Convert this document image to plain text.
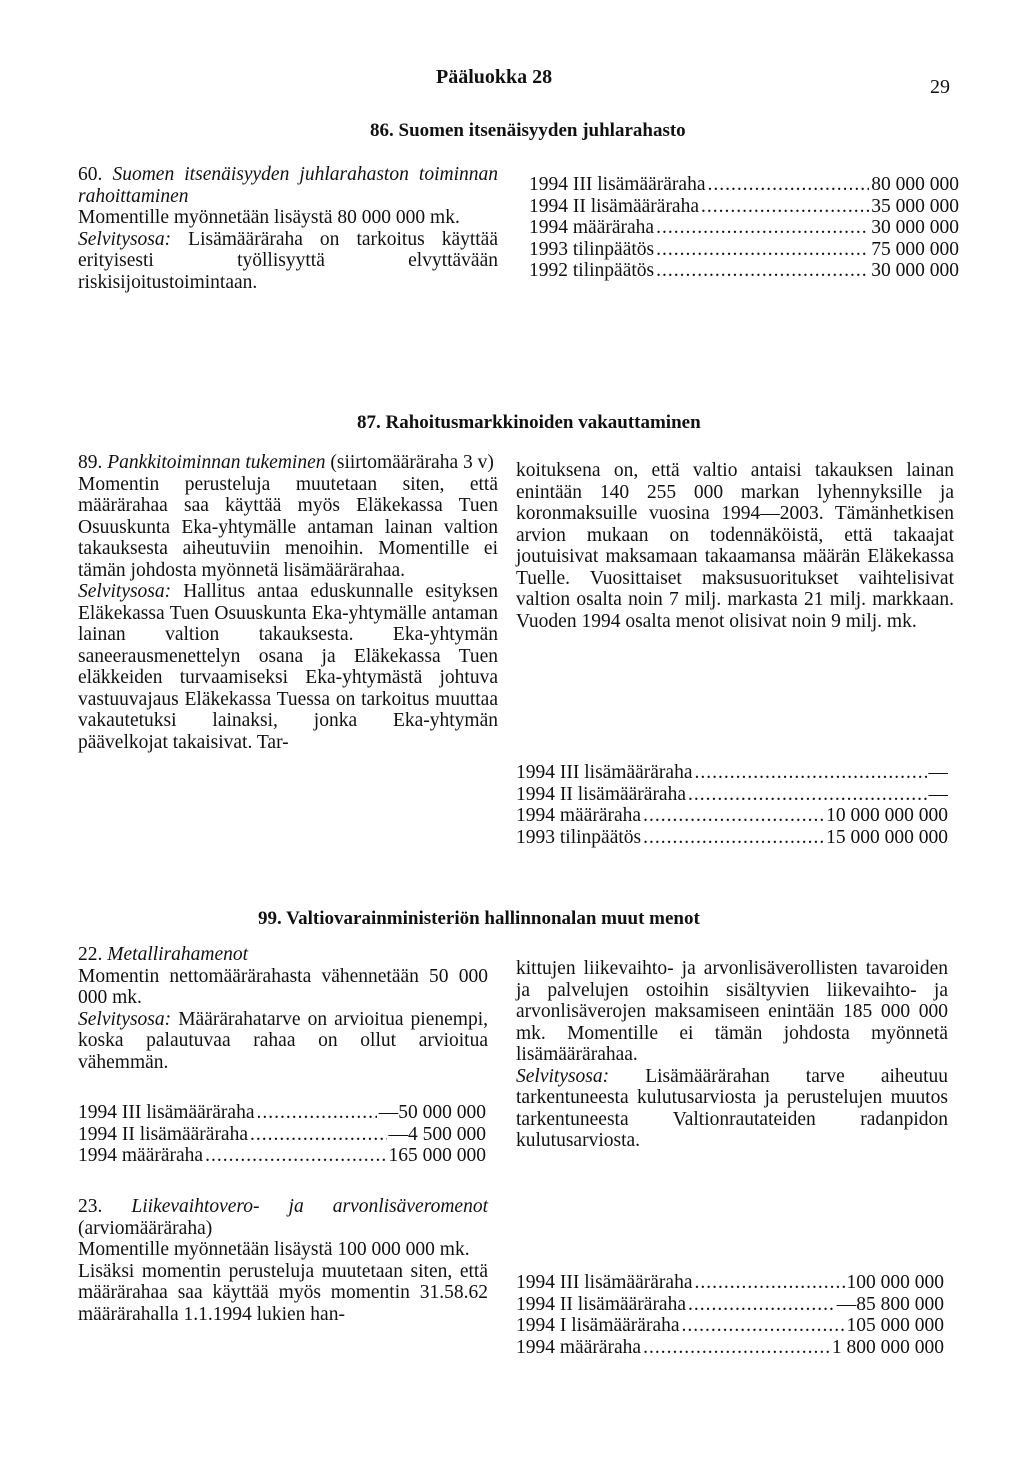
Pääluokka 28	29
86. Suomen itsenäisyyden juhlarahasto

60. Suomen itsenäisyyden juhlarahaston toiminnan rahoittaminen

Momentille myönnetään lisäystä 80 000 000 mk.

Selvitysosa: Lisämääräraha on tarkoitus käyttää erityisesti työllisyyttä elvyttävään riskisijoitustoimintaan.

1994 III lisämääräraha .....	80 000 000
1994 II lisämääräraha .....	35 000 000
1994 määräraha .....	30 000 000
1993 tilinpäätös .....	75 000 000
1992 tilinpäätös .....	30 000 000
87. Rahoitusmarkkinoiden vakauttaminen

89. Pankkitoiminnan tukeminen (siirtomääräraha 3 v)

Momentin perusteluja muutetaan siten, että määrärahaa saa käyttää myös Eläkekassa Tuen Osuuskunta Eka-yhtymälle antaman lainan valtion takauksesta aiheutuviin menoihin. Momentille ei tämän johdosta myönnetä lisämäärärahaa.

Selvitysosa: Hallitus antaa eduskunnalle esityksen Eläkekassa Tuen Osuuskunta Eka-yhtymälle antaman lainan valtion takauksesta. Eka-yhtymän saneerausmenettelyn osana ja Eläkekassa Tuen eläkkeiden turvaamiseksi Eka-yhtymästä johtuva vastuuvajaus Eläkekassa Tuessa on tarkoitus muuttaa vakautetuksi lainaksi, jonka Eka-yhtymän päävelkojat takaisivat. Tar-

koituksena on, että valtio antaisi takauksen lainan enintään 140 255 000 markan lyhennyksille ja koronmaksuille vuosina 1994—2003. Tämänhetkisen arvion mukaan on todennäköistä, että takaajat joutuisivat maksamaan takaamansa määrän Eläkekassa Tuelle. Vuosittaiset maksusuoritukset vaihtelisivat valtion osalta noin 7 milj. markasta 21 milj. markkaan. Vuoden 1994 osalta menot olisivat noin 9 milj. mk.

1994 III lisämääräraha .....	—
1994 II lisämääräraha .....	—
1994 määräraha .....	10 000 000 000
1993 tilinpäätös .....	15 000 000 000
99. Valtiovarainministeriön hallinnonalan muut menot

22. Metallirahamenot

Momentin nettomäärärahasta vähennetään 50 000 000 mk.

Selvitysosa: Määrärahatarve on arvioitua pienempi, koska palautuvaa rahaa on ollut arvioitua vähemmän.

1994 III lisämääräraha .....	—50 000 000
1994 II lisämääräraha .....	—4 500 000
1994 määräraha .....	165 000 000

23. Liikevaihtovero- ja arvonlisäveromenot (arviomääräraha)

Momentille myönnetään lisäystä 100 000 000 mk.

Lisäksi momentin perusteluja muutetaan siten, että määrärahaa saa käyttää myös momentin 31.58.62 määrärahalla 1.1.1994 lukien han-

kittujen liikevaihto- ja arvonlisäverollisten tavaroiden ja palvelujen ostoihin sisältyvien liikevaihto- ja arvonlisäverojen maksamiseen enintään 185 000 000 mk. Momentille ei tämän johdosta myönnetä lisämäärärahaa.

Selvitysosa: Lisämäärärahan tarve aiheutuu tarkentuneesta kulutusarviosta ja perustelujen muutos tarkentuneesta Valtionrautateiden radanpidon kulutusarviosta.

1994 III lisämääräraha .....	100 000 000
1994 II lisämääräraha .....	—85 800 000
1994 I lisämääräraha .....	105 000 000
1994 määräraha .....	1 800 000 000
